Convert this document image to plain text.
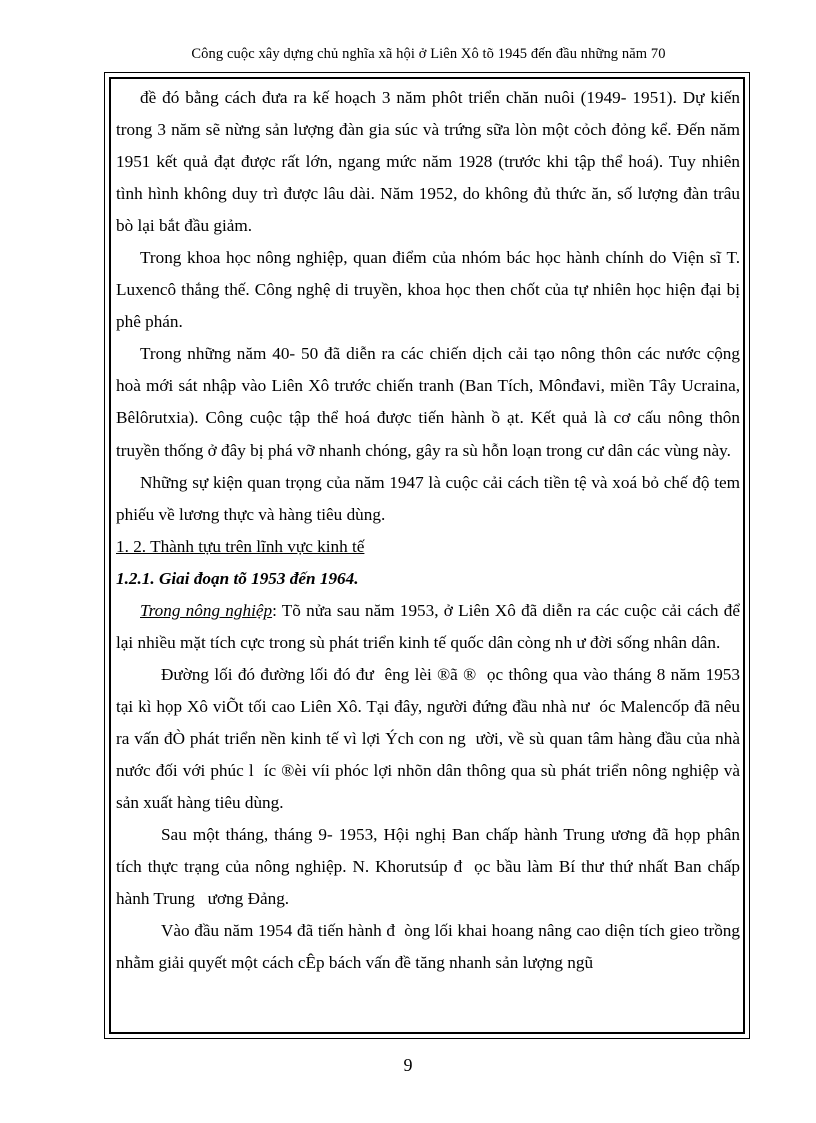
Công cuộc xây dựng chủ nghĩa xã hội ở Liên Xô tõ 1945 đến đầu những năm 70

đề đó bằng cách đưa ra kế hoạch 3 năm phôt triển chăn nuôi (1949- 1951). Dự kiến trong 3 năm sẽ nừng sản lượng đàn gia súc và trứng sữa lòn một cỏch đỏng kể. Đến năm 1951 kết quả đạt được rất lớn, ngang mức năm 1928 (trước khi tập thể hoá). Tuy nhiên tình hình không duy trì được lâu dài. Năm 1952, do không đủ thức ăn, số lượng đàn trâu bò lại bắt đầu giảm.

Trong khoa học nông nghiệp, quan điểm của nhóm bác học hành chính do Viện sĩ T. Luxencô thắng thế. Công nghệ di truyền, khoa học then chốt của tự nhiên học hiện đại bị phê phán.

Trong những năm 40- 50 đã diễn ra các chiến dịch cải tạo nông thôn các nước cộng hoà mới sát nhập vào Liên Xô trước chiến tranh (Ban Tích, Mônđavi, miền Tây Ucraina, Bêlôrutxia). Công cuộc tập thể hoá được tiến hành ồ ạt. Kết quả là cơ cấu nông thôn truyền thống ở đây bị phá vỡ nhanh chóng, gây ra sù hỗn loạn trong cư dân các vùng này.

Những sự kiện quan trọng của năm 1947 là cuộc cải cách tiền tệ và xoá bỏ chế độ tem phiếu về lương thực và hàng tiêu dùng.

1. 2. Thành tựu trên lĩnh vực kinh tế

1.2.1. Giai đoạn tõ 1953 đến 1964.

Trong nông nghiệp: Tõ nửa sau năm 1953, ở Liên Xô đã diễn ra các cuộc cải cách để lại nhiều mặt tích cực trong sù phát triển kinh tế quốc dân còng nh ư đời sống nhân dân.

Đường lối đó đường lối đó đư êng lèi ®ã ® ọc thông qua vào tháng 8 năm 1953 tại kì họp Xô viÕt tối cao Liên Xô. Tại đây, người đứng đầu nhà nư óc Malencốp đã nêu ra vấn đÒ phát triển nền kinh tế vì lợi Ých con ng ười, về sù quan tâm hàng đầu của nhà nước đối với phúc l íc ®èi víi phóc lợi nhõn dân thông qua sù phát triển nông nghiệp và sản xuất hàng tiêu dùng.

Sau một tháng, tháng 9- 1953, Hội nghị Ban chấp hành Trung ương đã họp phân tích thực trạng của nông nghiệp. N. Khorutsúp đ ọc bầu làm Bí thư thứ nhất Ban chấp hành Trung ương Đảng.

Vào đầu năm 1954 đã tiến hành đ òng lối khai hoang nâng cao diện tích gieo trồng nhằm giải quyết một cách cÊp bách vấn đề tăng nhanh sản lượng ngũ

9
